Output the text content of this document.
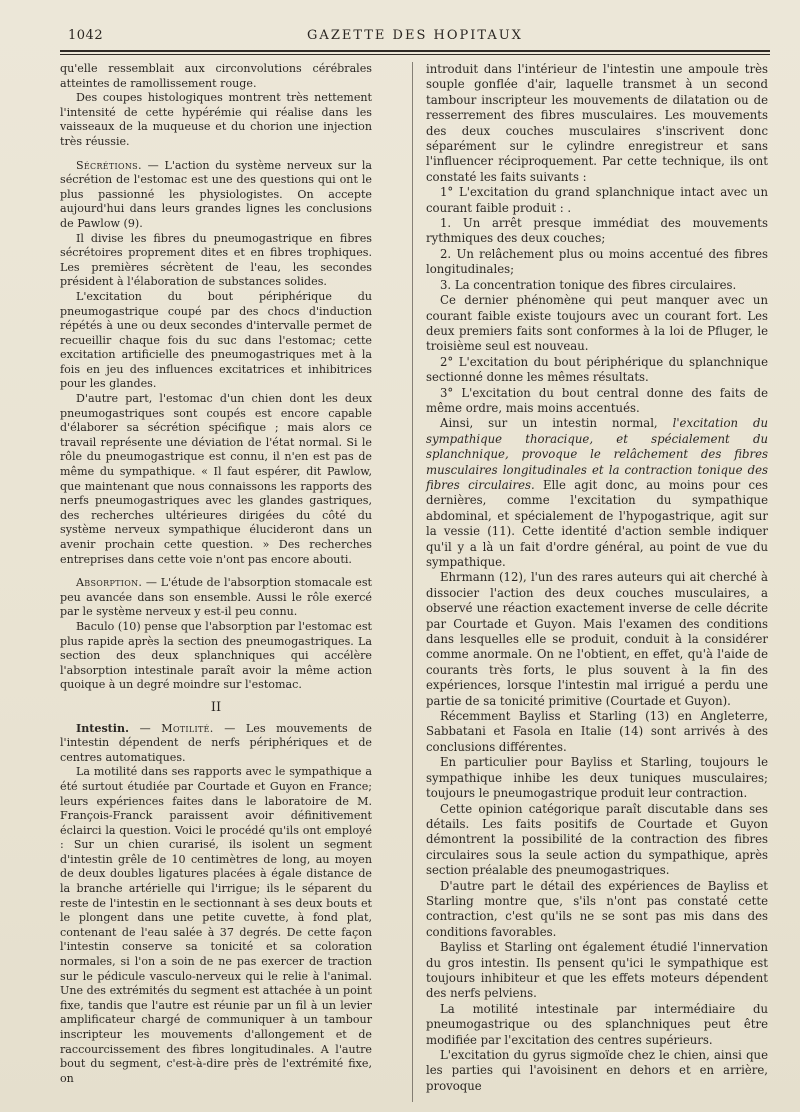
1042	GAZETTE DES HOPITAUX

qu'elle ressemblait aux circonvolutions cérébrales atteintes de ramollissement rouge.

Des coupes histologiques montrent très nettement l'intensité de cette hypérémie qui réalise dans les vaisseaux de la muqueuse et du chorion une injection très réussie.

Sécrétions. — L'action du système nerveux sur la sécrétion de l'estomac est une des questions qui ont le plus passionné les physiologistes. On accepte aujourd'hui dans leurs grandes lignes les conclusions de Pawlow (9).

Il divise les fibres du pneumogastrique en fibres sécrétoires proprement dites et en fibres trophiques. Les premières sécrètent de l'eau, les secondes président à l'élaboration de substances solides.

L'excitation du bout périphérique du pneumogastrique coupé par des chocs d'induction répétés à une ou deux secondes d'intervalle permet de recueillir chaque fois du suc dans l'estomac; cette excitation artificielle des pneumogastriques met à la fois en jeu des influences excitatrices et inhibitrices pour les glandes.

D'autre part, l'estomac d'un chien dont les deux pneumogastriques sont coupés est encore capable d'élaborer sa sécrétion spécifique ; mais alors ce travail représente une déviation de l'état normal. Si le rôle du pneumogastrique est connu, il n'en est pas de même du sympathique. « Il faut espérer, dit Pawlow, que maintenant que nous connaissons les rapports des nerfs pneumogastriques avec les glandes gastriques, des recherches ultérieures dirigées du côté du système nerveux sympathique élucideront dans un avenir prochain cette question. » Des recherches entreprises dans cette voie n'ont pas encore abouti.

Absorption. — L'étude de l'absorption stomacale est peu avancée dans son ensemble. Aussi le rôle exercé par le système nerveux y est-il peu connu.

Baculo (10) pense que l'absorption par l'estomac est plus rapide après la section des pneumogastriques. La section des deux splanchniques qui accélère l'absorption intestinale paraît avoir la même action quoique à un degré moindre sur l'estomac.

II

Intestin. — Motilité. — Les mouvements de l'intestin dépendent de nerfs périphériques et de centres automatiques.

La motilité dans ses rapports avec le sympathique a été surtout étudiée par Courtade et Guyon en France; leurs expériences faites dans le laboratoire de M. François-Franck paraissent avoir définitivement éclairci la question. Voici le procédé qu'ils ont employé : Sur un chien curarisé, ils isolent un segment d'intestin grêle de 10 centimètres de long, au moyen de deux doubles ligatures placées à égale distance de la branche artérielle qui l'irrigue; ils le séparent du reste de l'intestin en le sectionnant à ses deux bouts et le plongent dans une petite cuvette, à fond plat, contenant de l'eau salée à 37 degrés. De cette façon l'intestin conserve sa tonicité et sa coloration normales, si l'on a soin de ne pas exercer de traction sur le pédicule vasculo-nerveux qui le relie à l'animal. Une des extrémités du segment est attachée à un point fixe, tandis que l'autre est réunie par un fil à un levier amplificateur chargé de communiquer à un tambour inscripteur les mouvements d'allongement et de raccourcissement des fibres longitudinales. A l'autre bout du segment, c'est-à-dire près de l'extrémité fixe, on

introduit dans l'intérieur de l'intestin une ampoule très souple gonflée d'air, laquelle transmet à un second tambour inscripteur les mouvements de dilatation ou de resserrement des fibres musculaires. Les mouvements des deux couches musculaires s'inscrivent donc séparément sur le cylindre enregistreur et sans l'influencer réciproquement. Par cette technique, ils ont constaté les faits suivants :

1° L'excitation du grand splanchnique intact avec un courant faible produit : .

1. Un arrêt presque immédiat des mouvements rythmiques des deux couches;

2. Un relâchement plus ou moins accentué des fibres longitudinales;

3. La concentration tonique des fibres circulaires.

Ce dernier phénomène qui peut manquer avec un courant faible existe toujours avec un courant fort. Les deux premiers faits sont conformes à la loi de Pfluger, le troisième seul est nouveau.

2° L'excitation du bout périphérique du splanchnique sectionné donne les mêmes résultats.

3° L'excitation du bout central donne des faits de même ordre, mais moins accentués.

Ainsi, sur un intestin normal, l'excitation du sympathique thoracique, et spécialement du splanchnique, provoque le relâchement des fibres musculaires longitudinales et la contraction tonique des fibres circulaires. Elle agit donc, au moins pour ces dernières, comme l'excitation du sympathique abdominal, et spécialement de l'hypogastrique, agit sur la vessie (11). Cette identité d'action semble indiquer qu'il y a là un fait d'ordre général, au point de vue du sympathique.

Ehrmann (12), l'un des rares auteurs qui ait cherché à dissocier l'action des deux couches musculaires, a observé une réaction exactement inverse de celle décrite par Courtade et Guyon. Mais l'examen des conditions dans lesquelles elle se produit, conduit à la considérer comme anormale. On ne l'obtient, en effet, qu'à l'aide de courants très forts, le plus souvent à la fin des expériences, lorsque l'intestin mal irrigué a perdu une partie de sa tonicité primitive (Courtade et Guyon).

Récemment Bayliss et Starling (13) en Angleterre, Sabbatani et Fasola en Italie (14) sont arrivés à des conclusions différentes.

En particulier pour Bayliss et Starling, toujours le sympathique inhibe les deux tuniques musculaires; toujours le pneumogastrique produit leur contraction.

Cette opinion catégorique paraît discutable dans ses détails. Les faits positifs de Courtade et Guyon démontrent la possibilité de la contraction des fibres circulaires sous la seule action du sympathique, après section préalable des pneumogastriques.

D'autre part le détail des expériences de Bayliss et Starling montre que, s'ils n'ont pas constaté cette contraction, c'est qu'ils ne se sont pas mis dans des conditions favorables.

Bayliss et Starling ont également étudié l'innervation du gros intestin. Ils pensent qu'ici le sympathique est toujours inhibiteur et que les effets moteurs dépendent des nerfs pelviens.

La motilité intestinale par intermédiaire du pneumogastrique ou des splanchniques peut être modifiée par l'excitation des centres supérieurs.

L'excitation du gyrus sigmoïde chez le chien, ainsi que les parties qui l'avoisinent en dehors et en arrière, provoque
